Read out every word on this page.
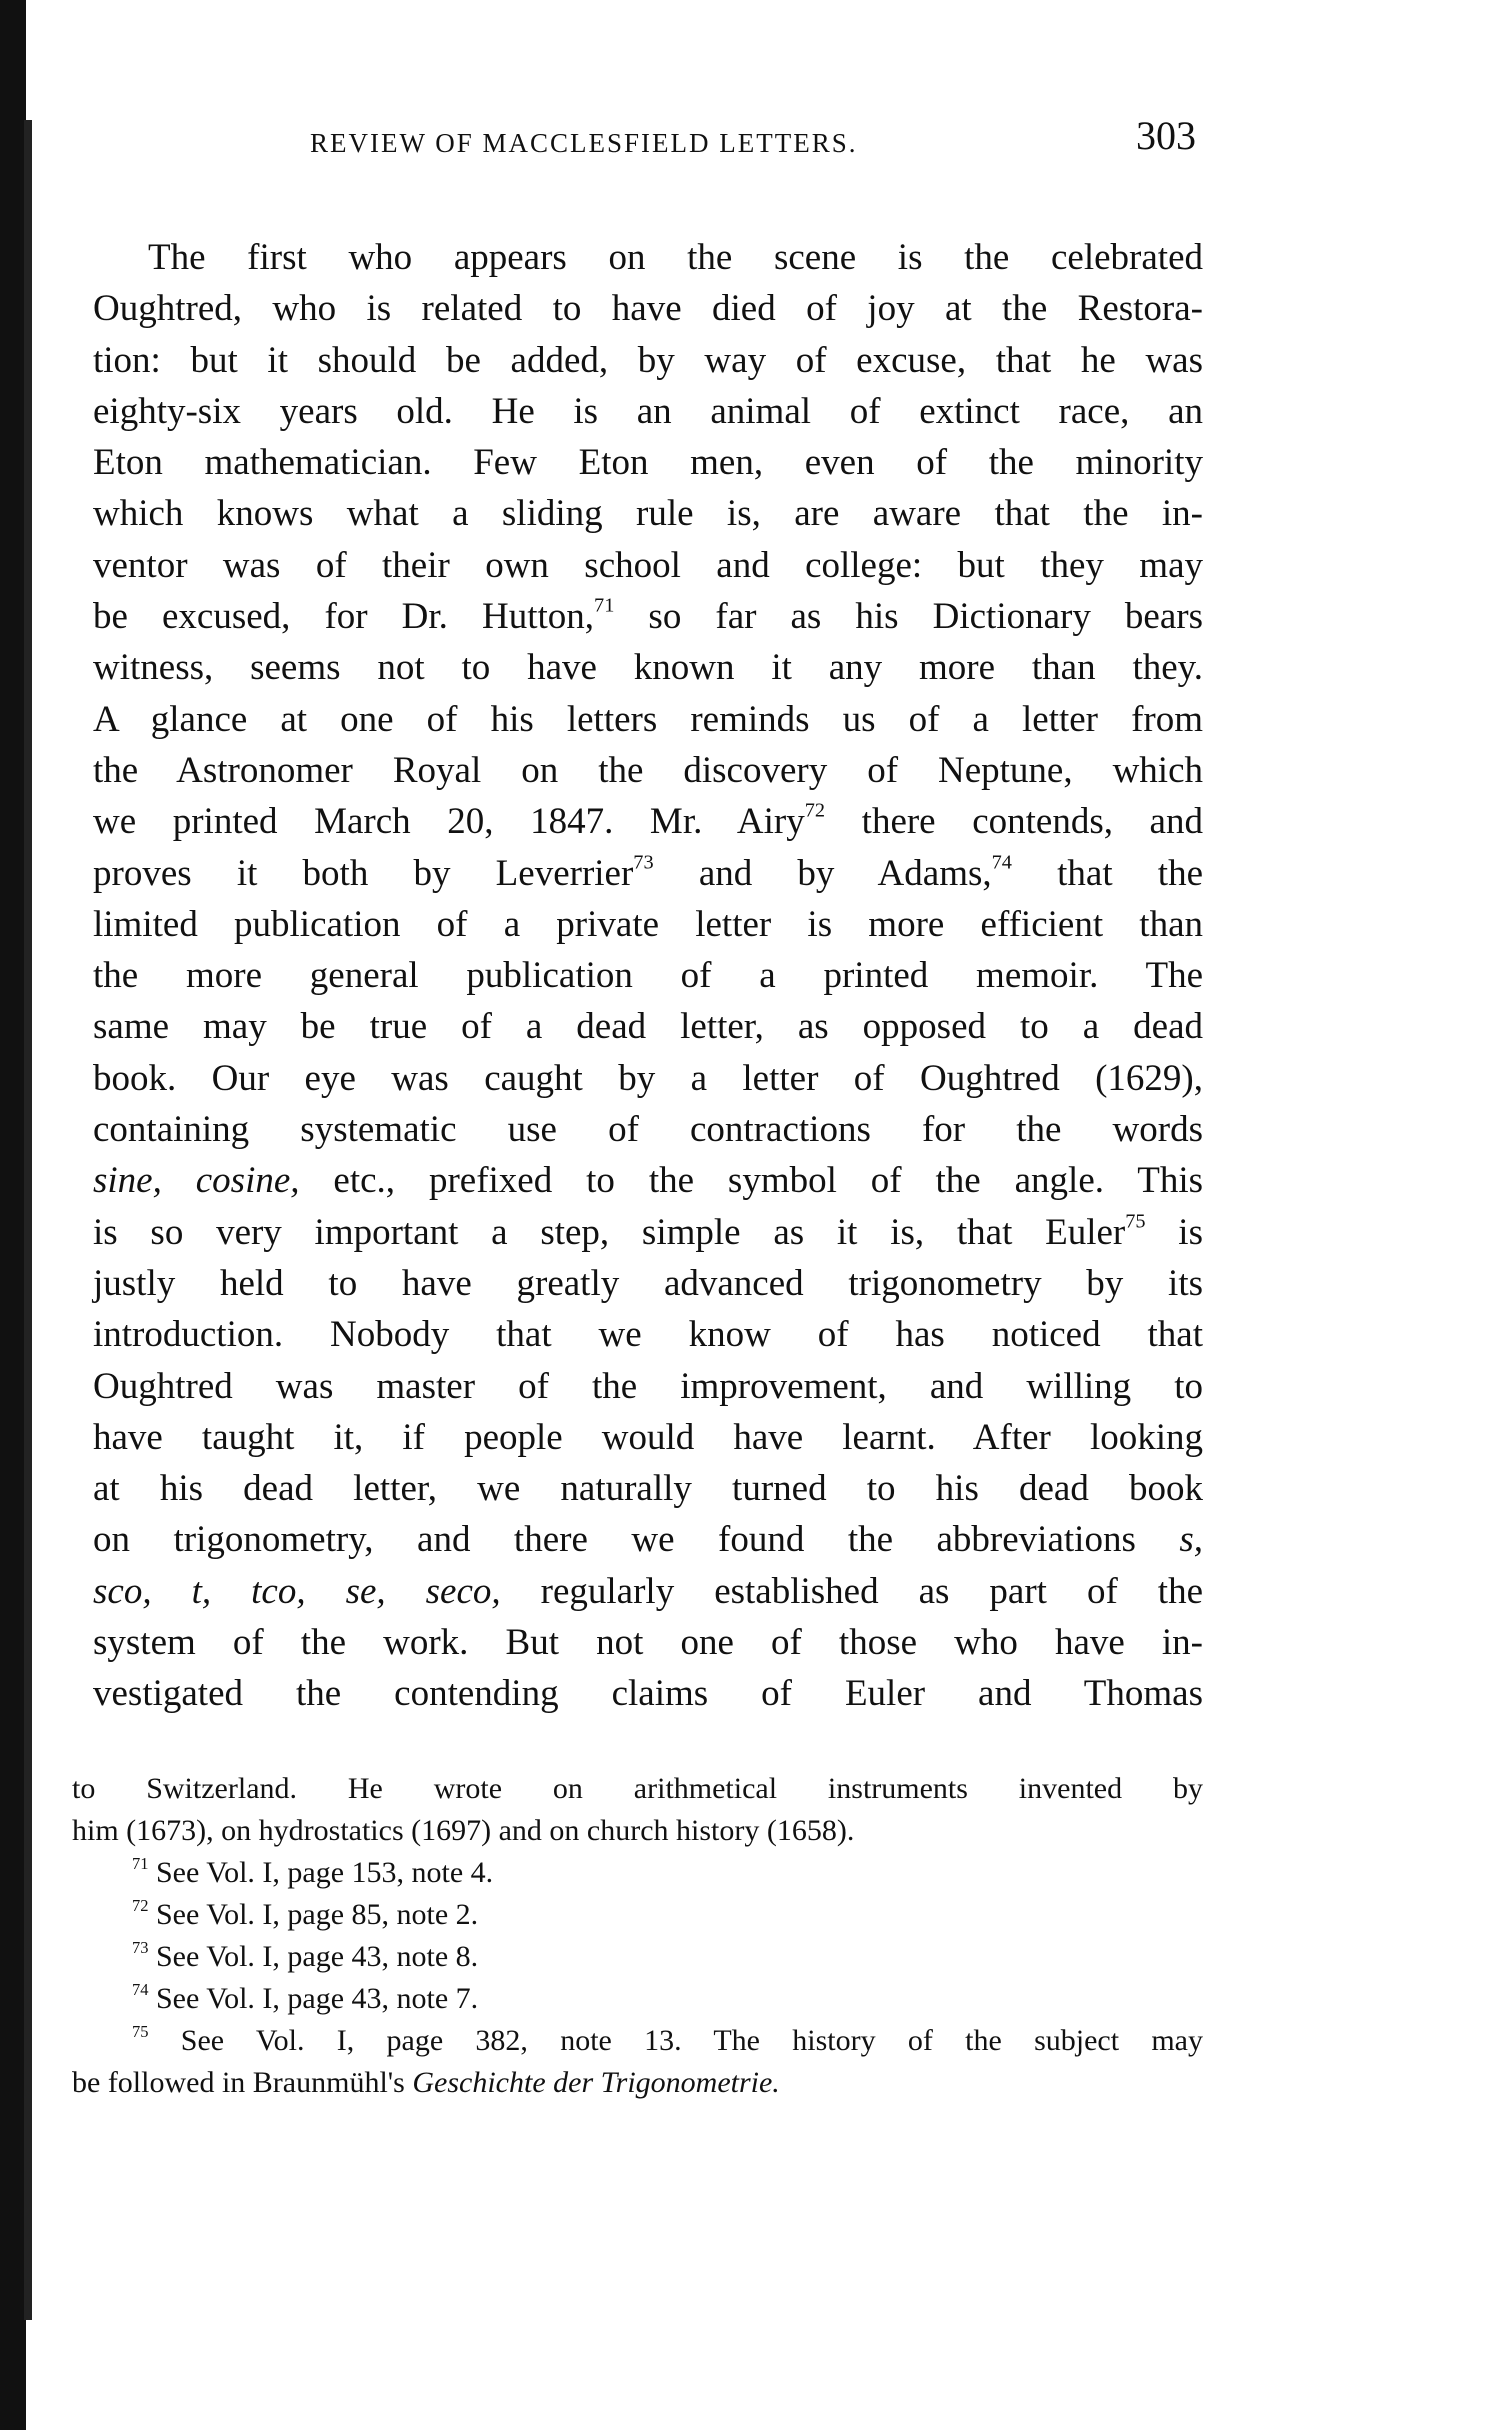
REVIEW OF MACCLESFIELD LETTERS.	303
The first who appears on the scene is the celebrated
Oughtred, who is related to have died of joy at the Restora-
tion: but it should be added, by way of excuse, that he was
eighty-six years old. He is an animal of extinct race, an
Eton mathematician. Few Eton men, even of the minority
which knows what a sliding rule is, are aware that the in-
ventor was of their own school and college: but they may
be excused, for Dr. Hutton,$^{71}$ so far as his Dictionary bears
witness, seems not to have known it any more than they.
A glance at one of his letters reminds us of a letter from
the Astronomer Royal on the discovery of Neptune, which
we printed March 20, 1847. Mr. Airy$^{72}$ there contends, and
proves it both by Leverrier$^{73}$ and by Adams,$^{74}$ that the
limited publication of a private letter is more efficient than
the more general publication of a printed memoir. The
same may be true of a dead letter, as opposed to a dead
book. Our eye was caught by a letter of Oughtred (1629),
containing systematic use of contractions for the words
sine, cosine, etc., prefixed to the symbol of the angle. This
is so very important a step, simple as it is, that Euler$^{75}$ is
justly held to have greatly advanced trigonometry by its
introduction. Nobody that we know of has noticed that
Oughtred was master of the improvement, and willing to
have taught it, if people would have learnt. After looking
at his dead letter, we naturally turned to his dead book
on trigonometry, and there we found the abbreviations s,
sco, t, tco, se, seco, regularly established as part of the
system of the work. But not one of those who have in-
vestigated the contending claims of Euler and Thomas
to Switzerland. He wrote on arithmetical instruments invented by
him (1673), on hydrostatics (1697) and on church history (1658).
$^{71}$ See Vol. I, page 153, note 4.
$^{72}$ See Vol. I, page 85, note 2.
$^{73}$ See Vol. I, page 43, note 8.
$^{74}$ See Vol. I, page 43, note 7.
$^{75}$ See Vol. I, page 382, note 13. The history of the subject may
be followed in Braunmühl's Geschichte der Trigonometrie.
